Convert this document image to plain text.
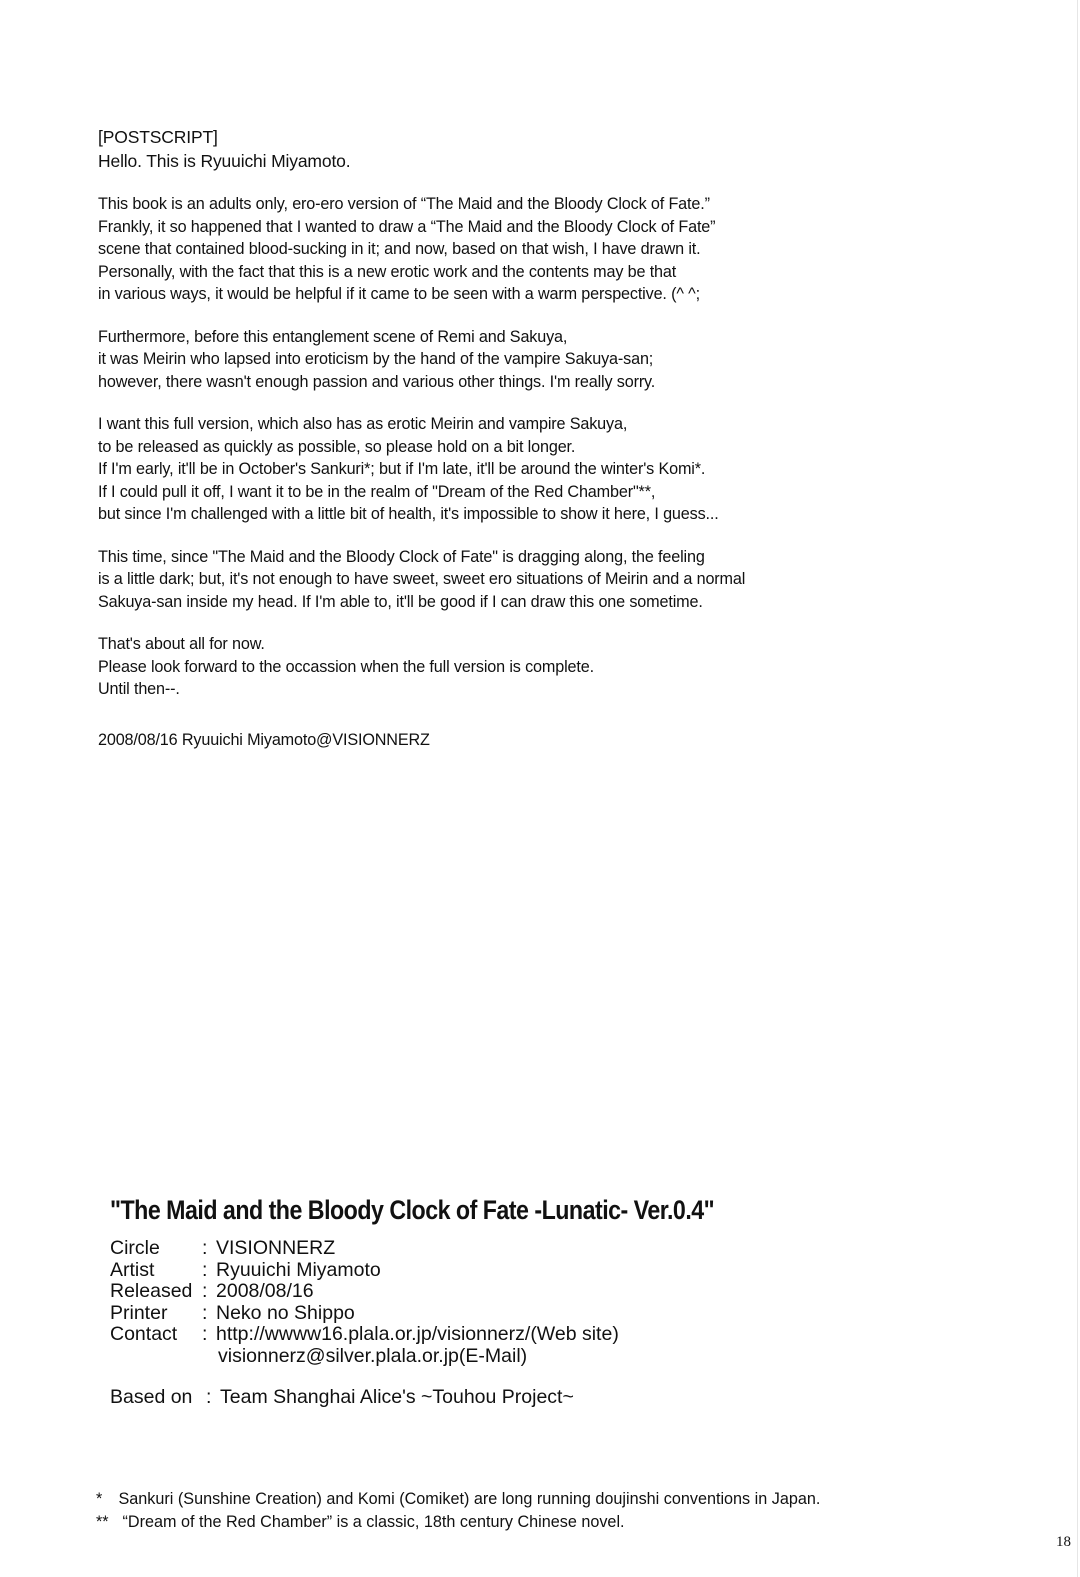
[POSTSCRIPT]
Hello. This is Ryuuichi Miyamoto.
This book is an adults only, ero-ero version of “The Maid and the Bloody Clock of Fate.”
Frankly, it so happened that I wanted to draw a “The Maid and the Bloody Clock of Fate”
scene that contained blood-sucking in it; and now, based on that wish, I have drawn it.
Personally, with the fact that this is a new erotic work and the contents may be that
in various ways, it would be helpful if it came to be seen with a warm perspective. (^ ^;
Furthermore, before this entanglement scene of Remi and Sakuya,
it was Meirin who lapsed into eroticism by the hand of the vampire Sakuya-san;
however, there wasn't enough passion and various other things. I'm really sorry.
I want this full version, which also has as erotic Meirin and vampire Sakuya,
to be released as quickly as possible, so please hold on a bit longer.
If I'm early, it'll be in October's Sankuri*; but if I'm late, it'll be around the winter's Komi*.
If I could pull it off, I want it to be in the realm of "Dream of the Red Chamber"**,
but since I'm challenged with a little bit of health, it's impossible to show it here, I guess...
This time, since "The Maid and the Bloody Clock of Fate" is dragging along, the feeling
is a little dark; but, it's not enough to have sweet, sweet ero situations of Meirin and a normal
Sakuya-san inside my head. If I'm able to, it'll be good if I can draw this one sometime.
That's about all for now.
Please look forward to the occassion when the full version is complete.
Until then--.
2008/08/16 Ryuuichi Miyamoto@VISIONNERZ
"The Maid and the Bloody Clock of Fate -Lunatic- Ver.0.4"
Circle	: VISIONNERZ
Artist	: Ryuuichi Miyamoto
Released : 2008/08/16
Printer	: Neko no Shippo
Contact	: http://wwww16.plala.or.jp/visionnerz/(Web site)
visionnerz@silver.plala.or.jp(E-Mail)
Based on : Team Shanghai Alice's ~Touhou Project~
* Sankuri (Sunshine Creation) and Komi (Comiket) are long running doujinshi conventions in Japan.
** “Dream of the Red Chamber” is a classic, 18th century Chinese novel.
18
